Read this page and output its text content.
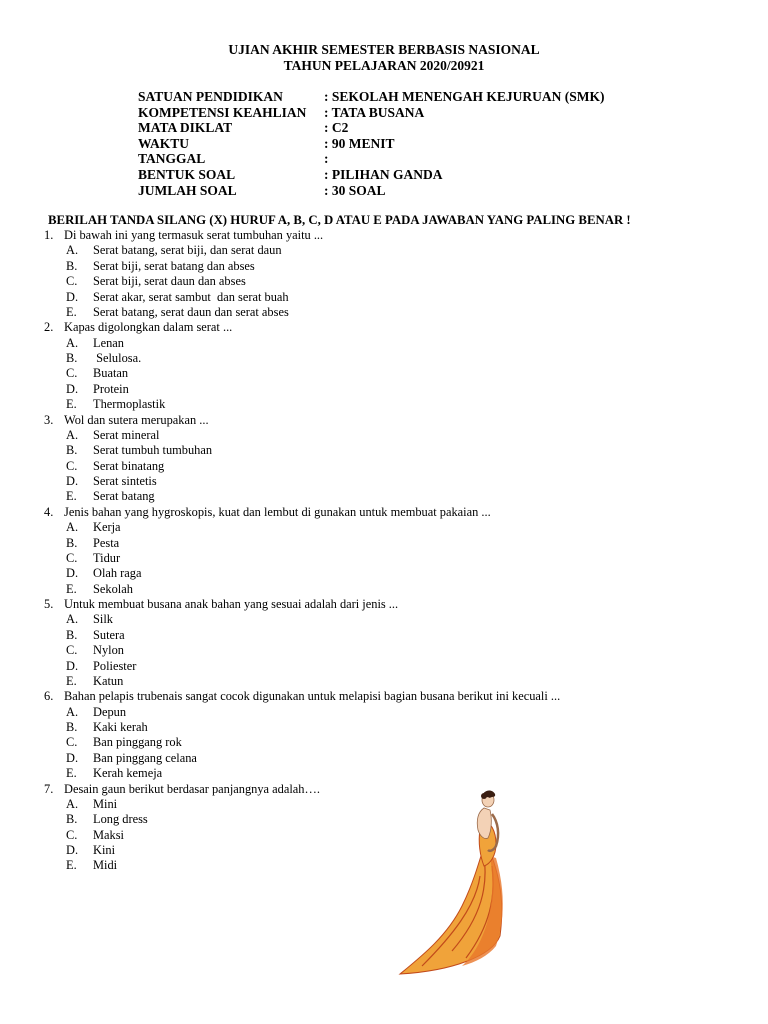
UJIAN AKHIR SEMESTER BERBASIS NASIONAL
TAHUN PELAJARAN 2020/20921
SATUAN PENDIDIKAN	: SEKOLAH MENENGAH KEJURUAN (SMK)
KOMPETENSI KEAHLIAN	: TATA BUSANA
MATA DIKLAT	: C2
WAKTU	: 90 MENIT
TANGGAL	:
BENTUK SOAL	: PILIHAN GANDA
JUMLAH SOAL	: 30 SOAL
BERILAH TANDA SILANG (X) HURUF A, B, C, D ATAU E PADA JAWABAN YANG PALING BENAR !
1. Di bawah ini yang termasuk serat tumbuhan yaitu ...
A.	Serat batang, serat biji, dan serat daun
B.	Serat biji, serat batang dan abses
C.	Serat biji, serat daun dan abses
D.	Serat akar, serat sambut  dan serat buah
E.	Serat batang, serat daun dan serat abses
2. Kapas digolongkan dalam serat ...
A.	Lenan
B.	Selulosa.
C.	Buatan
D.	Protein
E.	Thermoplastik
3. Wol dan sutera merupakan ...
A.	Serat mineral
B.	Serat tumbuh tumbuhan
C.	Serat binatang
D.	Serat sintetis
E.	Serat batang
4. Jenis bahan yang hygroskopis, kuat dan lembut di gunakan untuk membuat pakaian ...
A.	Kerja
B.	Pesta
C.	Tidur
D.	Olah raga
E.	Sekolah
5. Untuk membuat busana anak bahan yang sesuai adalah dari jenis ...
A.	Silk
B.	Sutera
C.	Nylon
D.	Poliester
E.	Katun
6. Bahan pelapis trubenais sangat cocok digunakan untuk melapisi bagian busana berikut ini kecuali ...
A.	Depun
B.	Kaki kerah
C.	Ban pinggang rok
D.	Ban pinggang celana
E.	Kerah kemeja
7. Desain gaun berikut berdasar panjangnya adalah….
A.	Mini
B.	Long dress
C.	Maksi
D.	Kini
E.	Midi
